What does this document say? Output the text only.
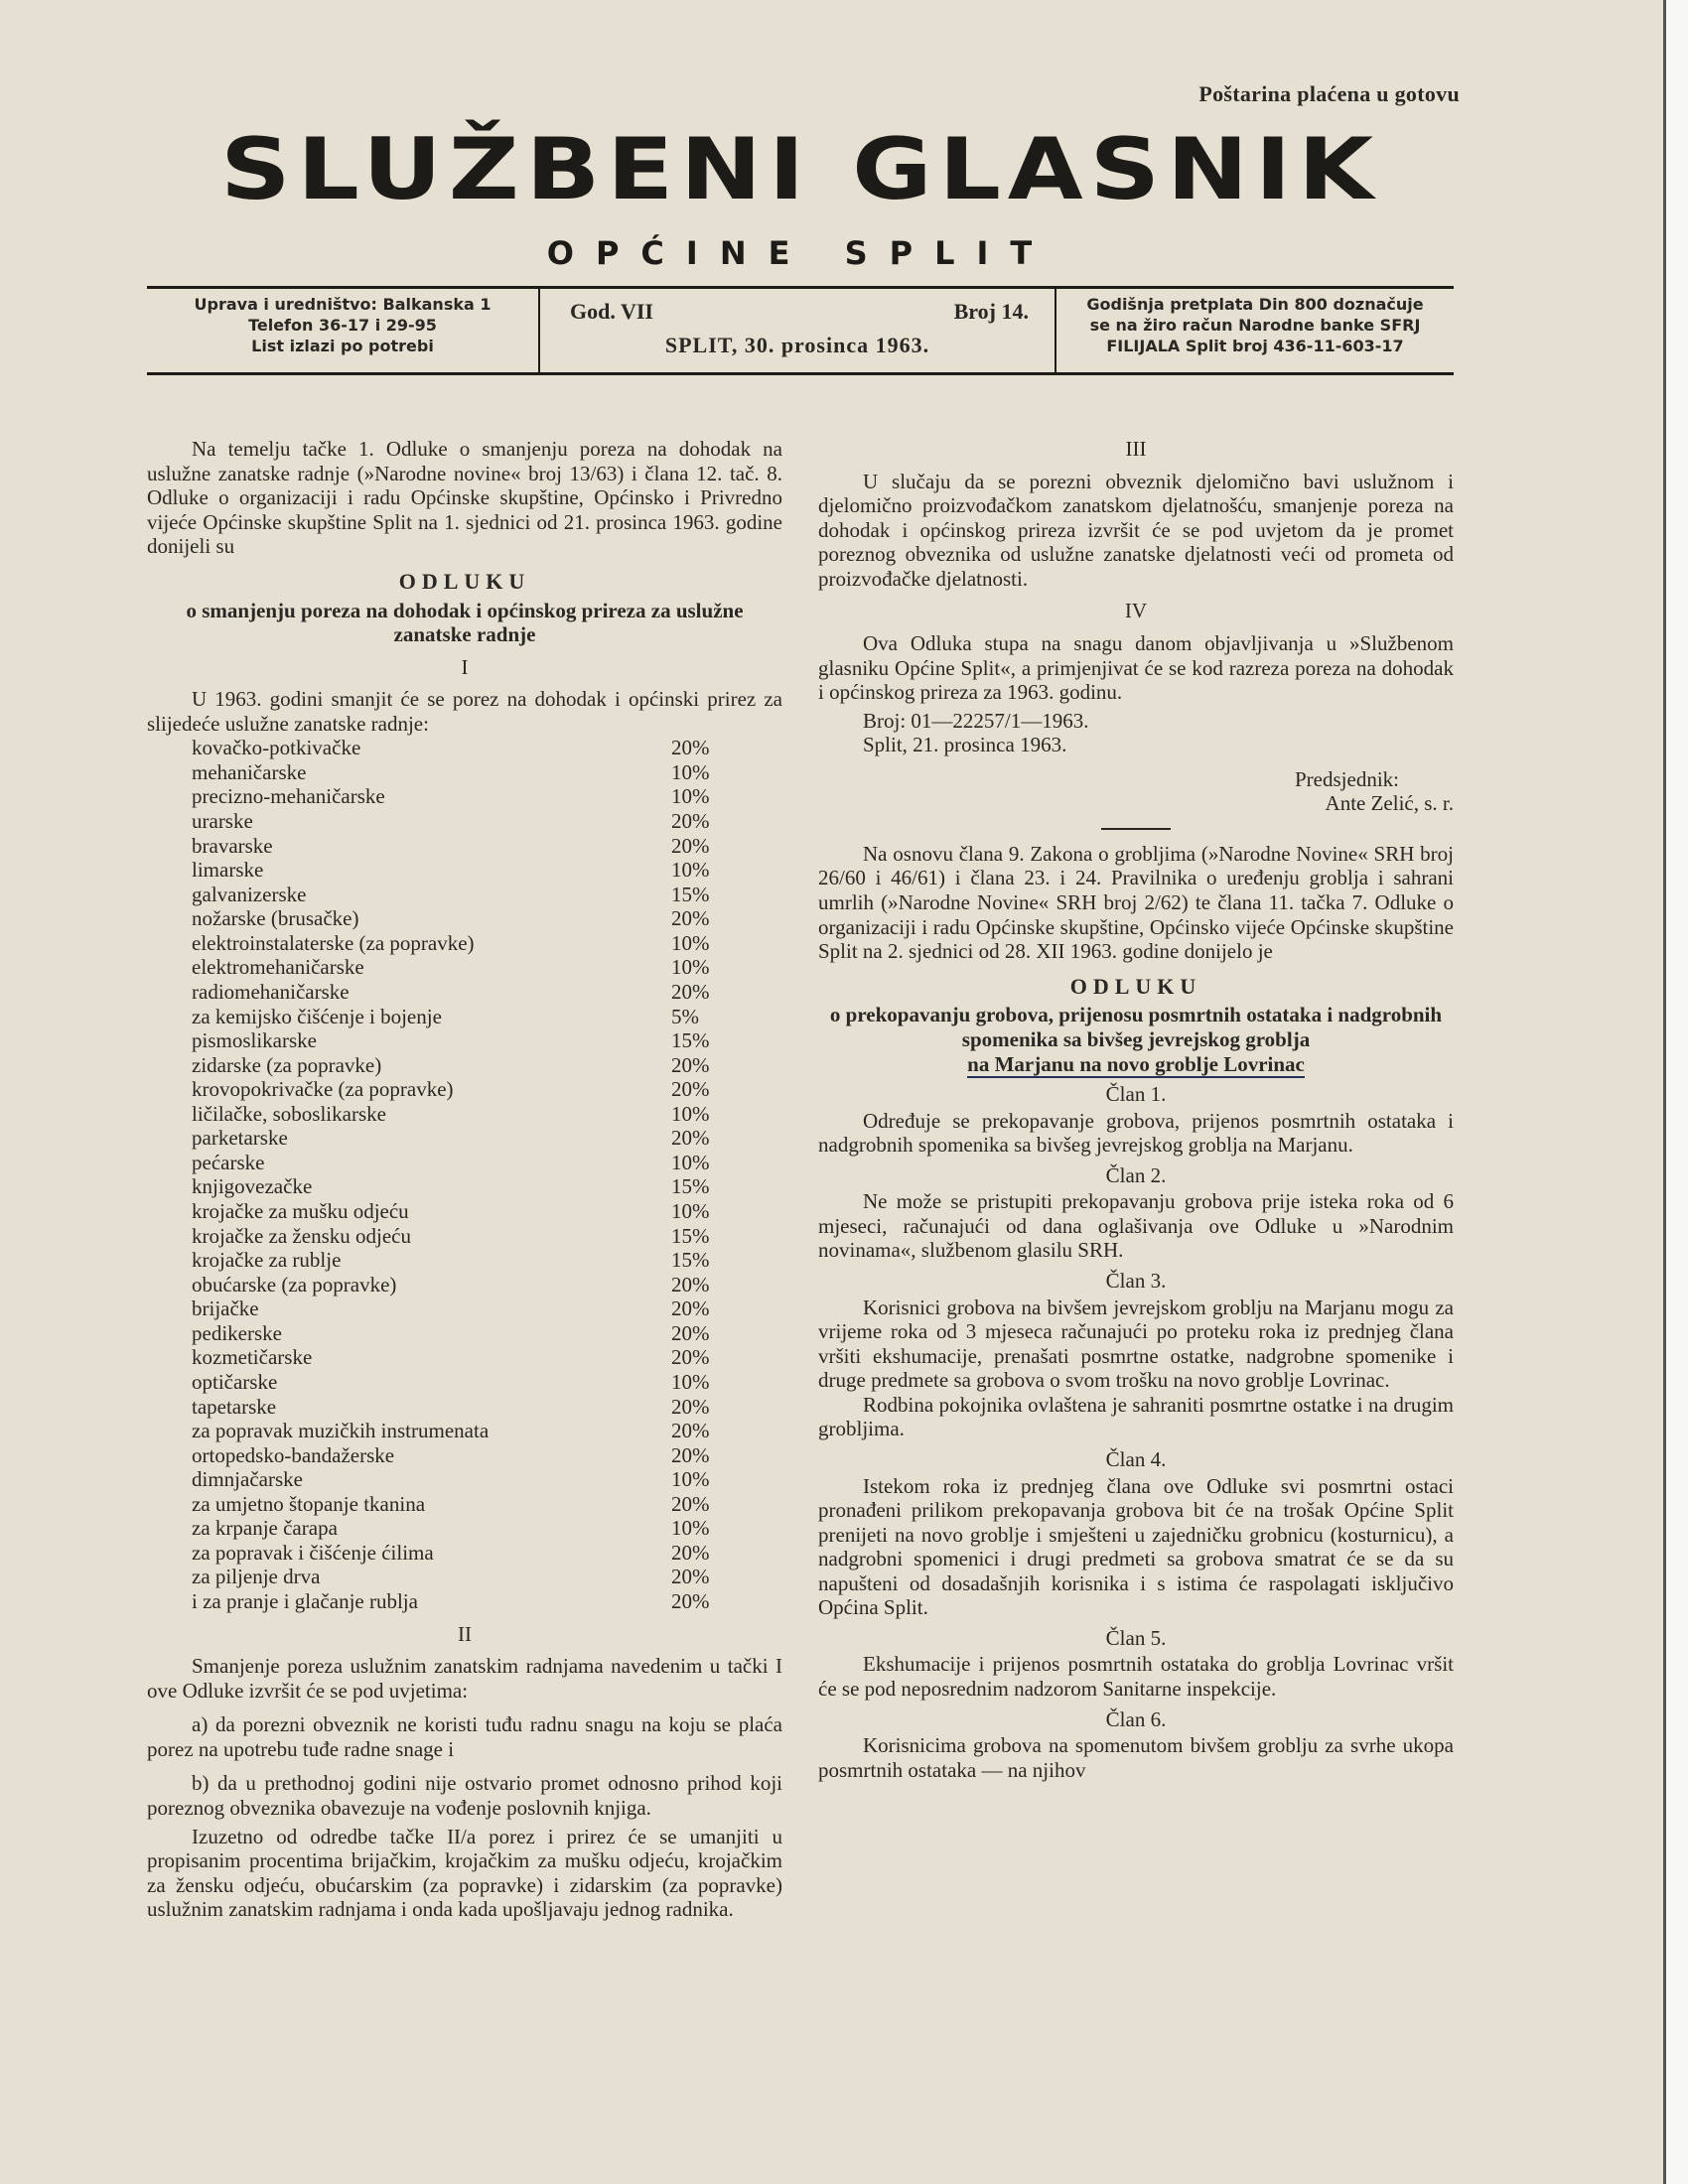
Poštarina plaćena u gotovu
SLUŽBENI GLASNIK
OPĆINE SPLIT
Uprava i uredništvo: Balkanska 1
Telefon 36-17 i 29-95
List izlazi po potrebi
God. VII	Broj 14.
SPLIT, 30. prosinca 1963.
Godišnja pretplata Din 800 doznačuje
se na žiro račun Narodne banke SFRJ
FILIJALA Split broj 436-11-603-17

Na temelju tačke 1. Odluke o smanjenju poreza na dohodak na uslužne zanatske radnje (»Narodne novine« broj 13/63) i člana 12. tač. 8. Odluke o organizaciji i radu Općinske skupštine, Općinsko i Privredno vijeće Općinske skupštine Split na 1. sjednici od 21. prosinca 1963. godine donijeli su

ODLUKU
o smanjenju poreza na dohodak i općinskog prireza za uslužne zanatske radnje
I

U 1963. godini smanjit će se porez na dohodak i općinski prirez za slijedeće uslužne zanatske radnje:

kovačko-potkivačke	20%
mehaničarske	10%
precizno-mehaničarske	10%
urarske	20%
bravarske	20%
limarske	10%
galvanizerske	15%
nožarske (brusačke)	20%
elektroinstalaterske (za popravke)	10%
elektromehaničarske	10%
radiomehaničarske	20%
za kemijsko čišćenje i bojenje	5%
pismoslikarske	15%
zidarske (za popravke)	20%
krovopokrivačke (za popravke)	20%
ličilačke, soboslikarske	10%
parketarske	20%
pećarske	10%
knjigovezačke	15%
krojačke za mušku odjeću	10%
krojačke za žensku odjeću	15%
krojačke za rublje	15%
obućarske (za popravke)	20%
brijačke	20%
pedikerske	20%
kozmetičarske	20%
optičarske	10%
tapetarske	20%
za popravak muzičkih instrumenata	20%
ortopedsko-bandažerske	20%
dimnjačarske	10%
za umjetno štopanje tkanina	20%
za krpanje čarapa	10%
za popravak i čišćenje ćilima	20%
za piljenje drva	20%
i za pranje i glačanje rublja	20%
II

Smanjenje poreza uslužnim zanatskim radnjama navedenim u tački I ove Odluke izvršit će se pod uvjetima:

a) da porezni obveznik ne koristi tuđu radnu snagu na koju se plaća porez na upotrebu tuđe radne snage i

b) da u prethodnoj godini nije ostvario promet odnosno prihod koji poreznog obveznika obavezuje na vođenje poslovnih knjiga.

Izuzetno od odredbe tačke II/a porez i prirez će se umanjiti u propisanim procentima brijačkim, krojačkim za mušku odjeću, krojačkim za žensku odjeću, obućarskim (za popravke) i zidarskim (za popravke) uslužnim zanatskim radnjama i onda kada upošljavaju jednog radnika.

III

U slučaju da se porezni obveznik djelomično bavi uslužnom i djelomično proizvođačkom zanatskom djelatnošću, smanjenje poreza na dohodak i općinskog prireza izvršit će se pod uvjetom da je promet poreznog obveznika od uslužne zanatske djelatnosti veći od prometa od proizvođačke djelatnosti.

IV

Ova Odluka stupa na snagu danom objavljivanja u »Službenom glasniku Općine Split«, a primjenjivat će se kod razreza poreza na dohodak i općinskog prireza za 1963. godinu.

Broj: 01—22257/1—1963.

Split, 21. prosinca 1963.

Predsjednik:

Ante Zelić, s. r.

Na osnovu člana 9. Zakona o grobljima (»Narodne Novine« SRH broj 26/60 i 46/61) i člana 23. i 24. Pravilnika o uređenju groblja i sahrani umrlih (»Narodne Novine« SRH broj 2/62) te člana 11. tačka 7. Odluke o organizaciji i radu Općinske skupštine, Općinsko vijeće Općinske skupštine Split na 2. sjednici od 28. XII 1963. godine donijelo je

ODLUKU
o prekopavanju grobova, prijenosu posmrtnih ostataka i nadgrobnih spomenika sa bivšeg jevrejskog groblja
na Marjanu na novo groblje Lovrinac
Član 1.

Određuje se prekopavanje grobova, prijenos posmrtnih ostataka i nadgrobnih spomenika sa bivšeg jevrejskog groblja na Marjanu.

Član 2.

Ne može se pristupiti prekopavanju grobova prije isteka roka od 6 mjeseci, računajući od dana oglašivanja ove Odluke u »Narodnim novinama«, službenom glasilu SRH.

Član 3.

Korisnici grobova na bivšem jevrejskom groblju na Marjanu mogu za vrijeme roka od 3 mjeseca računajući po proteku roka iz prednjeg člana vršiti ekshumacije, prenašati posmrtne ostatke, nadgrobne spomenike i druge predmete sa grobova o svom trošku na novo groblje Lovrinac.

Rodbina pokojnika ovlaštena je sahraniti posmrtne ostatke i na drugim grobljima.

Član 4.

Istekom roka iz prednjeg člana ove Odluke svi posmrtni ostaci pronađeni prilikom prekopavanja grobova bit će na trošak Općine Split prenijeti na novo groblje i smješteni u zajedničku grobnicu (kosturnicu), a nadgrobni spomenici i drugi predmeti sa grobova smatrat će se da su napušteni od dosadašnjih korisnika i s istima će raspolagati isključivo Općina Split.

Član 5.

Ekshumacije i prijenos posmrtnih ostataka do groblja Lovrinac vršit će se pod neposrednim nadzorom Sanitarne inspekcije.

Član 6.

Korisnicima grobova na spomenutom bivšem groblju za svrhe ukopa posmrtnih ostataka — na njihov
